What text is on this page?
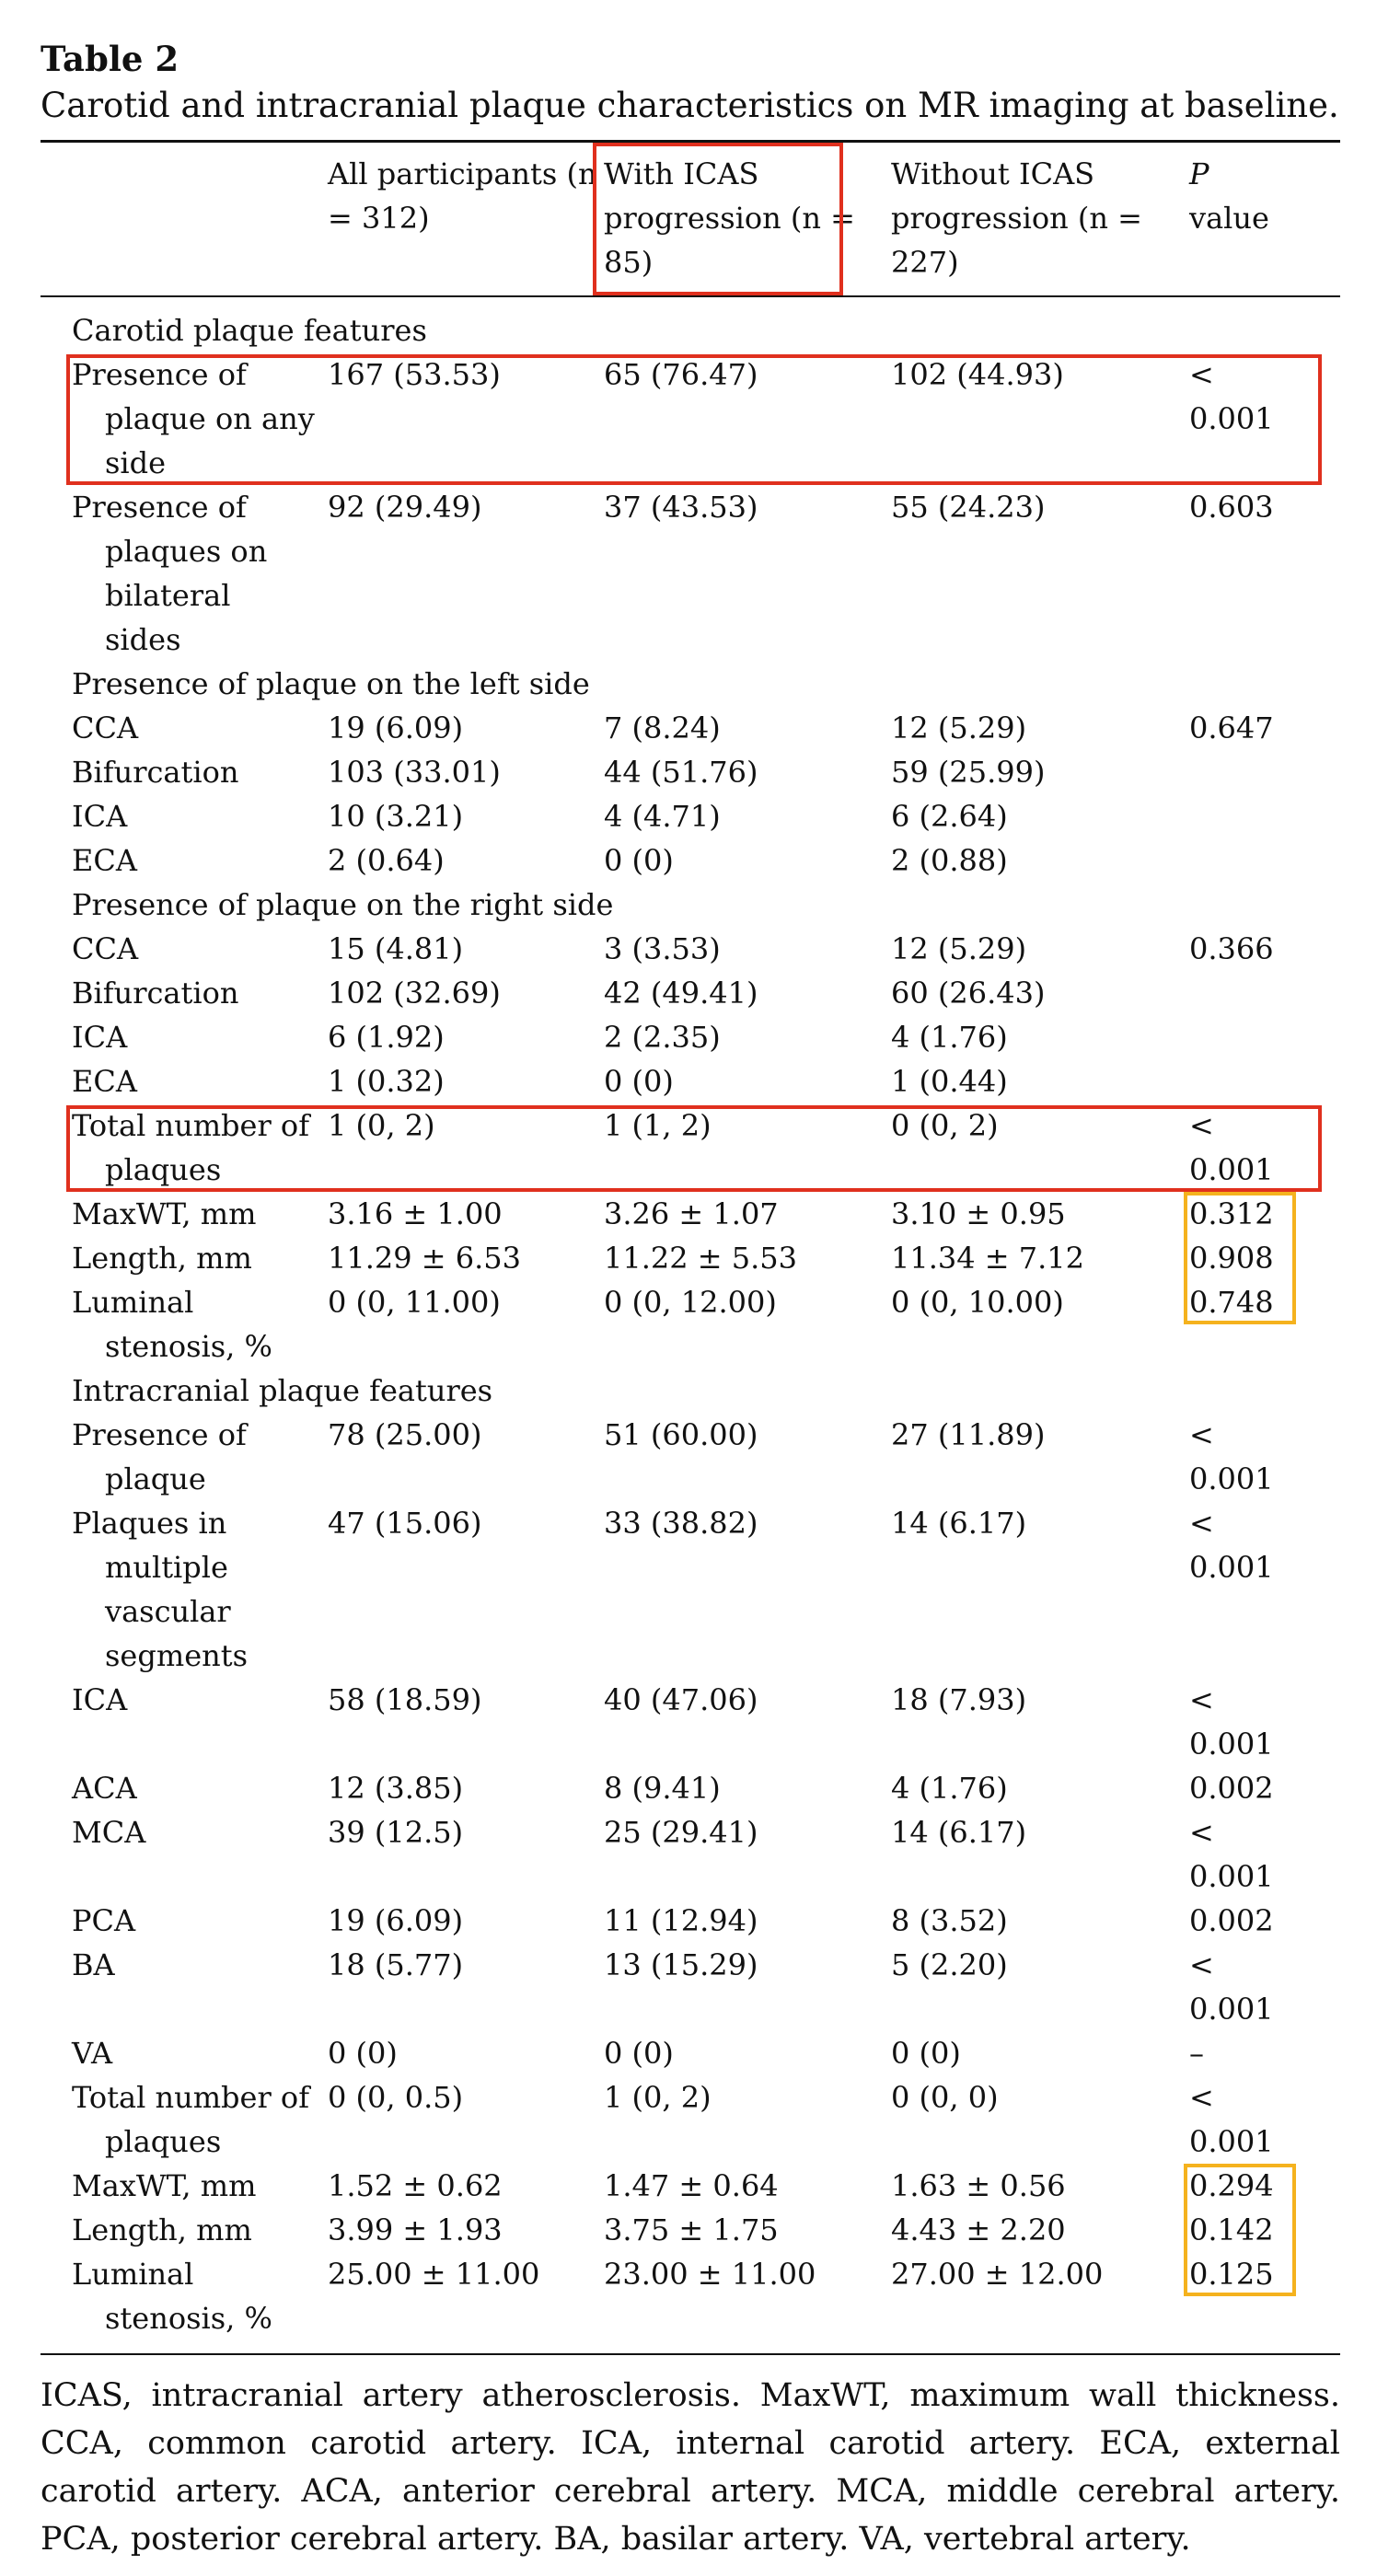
Table 2

Carotid and intracranial plaque characteristics on MR imaging at baseline.

	All participants (n = 312)	With ICAS progression (n = 85)	Without ICAS progression (n = 227)	P
value
Carotid plaque features				

Presence of plaque on any side	167 (53.53)	65 (76.47)	102 (44.93)	< 0.001

Presence of plaques on bilateral sides	92 (29.49)	37 (43.53)	55 (24.23)	0.603
Presence of plaque on the left side				

CCA	19 (6.09)	7 (8.24)	12 (5.29)	0.647

Bifurcation	103 (33.01)	44 (51.76)	59 (25.99)	

ICA	10 (3.21)	4 (4.71)	6 (2.64)	

ECA	2 (0.64)	0 (0)	2 (0.88)	
Presence of plaque on the right side				

CCA	15 (4.81)	3 (3.53)	12 (5.29)	0.366

Bifurcation	102 (32.69)	42 (49.41)	60 (26.43)	

ICA	6 (1.92)	2 (2.35)	4 (1.76)	

ECA	1 (0.32)	0 (0)	1 (0.44)	

Total number of plaques	1 (0, 2)	1 (1, 2)	0 (0, 2)	< 0.001

MaxWT, mm	3.16 ± 1.00	3.26 ± 1.07	3.10 ± 0.95	0.312

Length, mm	11.29 ± 6.53	11.22 ± 5.53	11.34 ± 7.12	0.908

Luminal stenosis, %	0 (0, 11.00)	0 (0, 12.00)	0 (0, 10.00)	0.748
Intracranial plaque features				

Presence of plaque	78 (25.00)	51 (60.00)	27 (11.89)	< 0.001

Plaques in multiple vascular segments	47 (15.06)	33 (38.82)	14 (6.17)	< 0.001

ICA	58 (18.59)	40 (47.06)	18 (7.93)	< 0.001

ACA	12 (3.85)	8 (9.41)	4 (1.76)	0.002

MCA	39 (12.5)	25 (29.41)	14 (6.17)	< 0.001

PCA	19 (6.09)	11 (12.94)	8 (3.52)	0.002

BA	18 (5.77)	13 (15.29)	5 (2.20)	< 0.001

VA	0 (0)	0 (0)	0 (0)	–

Total number of plaques	0 (0, 0.5)	1 (0, 2)	0 (0, 0)	< 0.001

MaxWT, mm	1.52 ± 0.62	1.47 ± 0.64	1.63 ± 0.56	0.294

Length, mm	3.99 ± 1.93	3.75 ± 1.75	4.43 ± 2.20	0.142

Luminal stenosis, %	25.00 ± 11.00	23.00 ± 11.00	27.00 ± 12.00	0.125
ICAS, intracranial artery atherosclerosis. MaxWT, maximum wall thickness. CCA, common carotid artery. ICA, internal carotid artery. ECA, external carotid artery. ACA, anterior cerebral artery. MCA, middle cerebral artery. PCA, posterior cerebral artery. BA, basilar artery. VA, vertebral artery.
